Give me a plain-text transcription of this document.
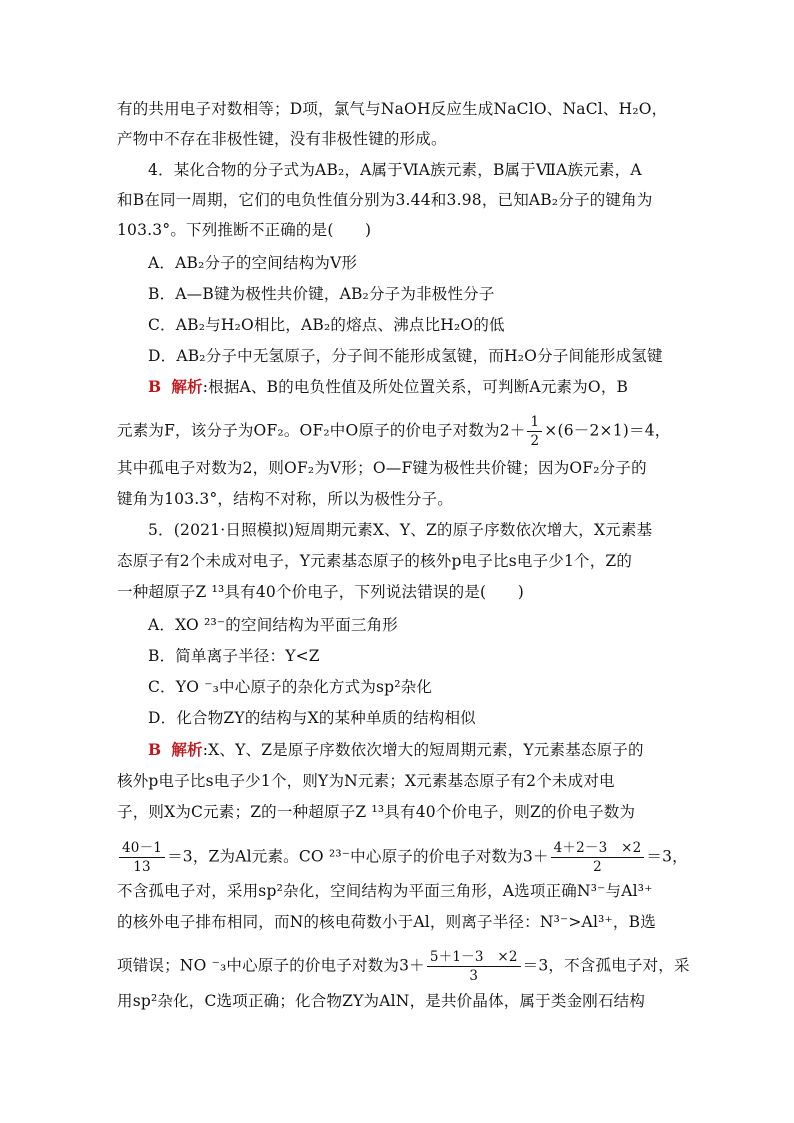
有的共用电子对数相等；D项，氯气与NaOH反应生成NaClO、NaCl、H₂O，
产物中不存在非极性键，没有非极性键的形成。
4．某化合物的分子式为AB₂，A属于ⅥA族元素，B属于ⅦA族元素，A
和B在同一周期，它们的电负性值分别为3.44和3.98，已知AB₂分子的键角为
103.3°。下列推断不正确的是(　　)
A．AB₂分子的空间结构为V形
B．A—B键为极性共价键，AB₂分子为非极性分子
C．AB₂与H₂O相比，AB₂的熔点、沸点比H₂O的低
D．AB₂分子中无氢原子，分子间不能形成氢键，而H₂O分子间能形成氢键
B 解析:根据A、B的电负性值及所处位置关系，可判断A元素为O，B
元素为F，该分子为OF₂。OF₂中O原子的价电子对数为$2+ \frac{1}{2} \times(6-2\times 1)=4$，
其中孤电子对数为2，则OF₂为V形；O—F键为极性共价键；因为OF₂分子的
键角为103.3°，结构不对称，所以为极性分子。
5．(2021·日照模拟)短周期元素X、Y、Z的原子序数依次增大，X元素基
态原子有2个未成对电子，Y元素基态原子的核外p电子比s电子少1个，Z的
一种超原子Z ¹³具有40个价电子，下列说法错误的是(　　)
A．XO ²³⁻的空间结构为平面三角形
B．简单离子半径：Y<Z
C．YO ⁻₃中心原子的杂化方式为sp²杂化
D．化合物ZY的结构与X的某种单质的结构相似
B 解析:X、Y、Z是原子序数依次增大的短周期元素，Y元素基态原子的
核外p电子比s电子少1个，则Y为N元素；X元素基态原子有2个未成对电
子，则X为C元素；Z的一种超原子Z ¹³具有40个价电子，则Z的价电子数为
$\frac{40-1}{13} =3$，Z为Al元素。CO ²³⁻中心原子的价电子对数为$3+ \frac{4+2-3 \times 2}{2} =3$，
不含孤电子对，采用sp²杂化，空间结构为平面三角形，A选项正确N³⁻与Al³⁺
的核外电子排布相同，而N的核电荷数小于Al，则离子半径：N³⁻>Al³⁺，B选
项错误；NO ⁻₃中心原子的价电子对数为$3+ \frac{5+1-3 \times 2}{3} =3$，不含孤电子对，采
用sp²杂化，C选项正确；化合物ZY为AlN，是共价晶体，属于类金刚石结构
